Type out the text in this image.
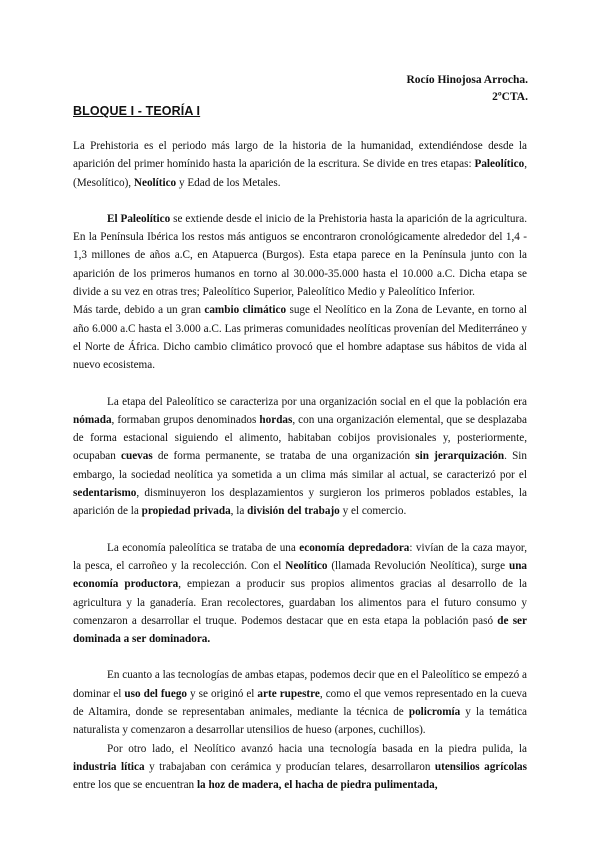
Rocío Hinojosa Arrocha.
2ºCTA.
BLOQUE I - TEORÍA I

La Prehistoria es el periodo más largo de la historia de la humanidad, extendiéndose desde la aparición del primer homínido hasta la aparición de la escritura. Se divide en tres etapas: Paleolítico, (Mesolítico), Neolítico y Edad de los Metales.

El Paleolítico se extiende desde el inicio de la Prehistoria hasta la aparición de la agricultura. En la Península Ibérica los restos más antiguos se encontraron cronológicamente alrededor del 1,4 - 1,3 millones de años a.C, en Atapuerca (Burgos). Esta etapa parece en la Península junto con la aparición de los primeros humanos en torno al 30.000-35.000 hasta el 10.000 a.C. Dicha etapa se divide a su vez en otras tres; Paleolítico Superior, Paleolítico Medio y Paleolítico Inferior.

Más tarde, debido a un gran cambio climático suge el Neolítico en la Zona de Levante, en torno al año 6.000 a.C hasta el 3.000 a.C. Las primeras comunidades neolíticas provenían del Mediterráneo y el Norte de África. Dicho cambio climático provocó que el hombre adaptase sus hábitos de vida al nuevo ecosistema.

La etapa del Paleolítico se caracteriza por una organización social en el que la población era nómada, formaban grupos denominados hordas, con una organización elemental, que se desplazaba de forma estacional siguiendo el alimento, habitaban cobijos provisionales y, posteriormente, ocupaban cuevas de forma permanente, se trataba de una organización sin jerarquización. Sin embargo, la sociedad neolítica ya sometida a un clima más similar al actual, se caracterizó por el sedentarismo, disminuyeron los desplazamientos y surgieron los primeros poblados estables, la aparición de la propiedad privada, la división del trabajo y el comercio.

La economía paleolítica se trataba de una economía depredadora: vivían de la caza mayor, la pesca, el carroñeo y la recolección. Con el Neolítico (llamada Revolución Neolítica), surge una economía productora, empiezan a producir sus propios alimentos gracias al desarrollo de la agricultura y la ganadería. Eran recolectores, guardaban los alimentos para el futuro consumo y comenzaron a desarrollar el truque. Podemos destacar que en esta etapa la población pasó de ser dominada a ser dominadora.

En cuanto a las tecnologías de ambas etapas, podemos decir que en el Paleolítico se empezó a dominar el uso del fuego y se originó el arte rupestre, como el que vemos representado en la cueva de Altamira, donde se representaban animales, mediante la técnica de policromía y la temática naturalista y comenzaron a desarrollar utensilios de hueso (arpones, cuchillos).

Por otro lado, el Neolítico avanzó hacia una tecnología basada en la piedra pulida, la industria lítica y trabajaban con cerámica y producían telares, desarrollaron utensilios agrícolas entre los que se encuentran la hoz de madera, el hacha de piedra pulimentada,
